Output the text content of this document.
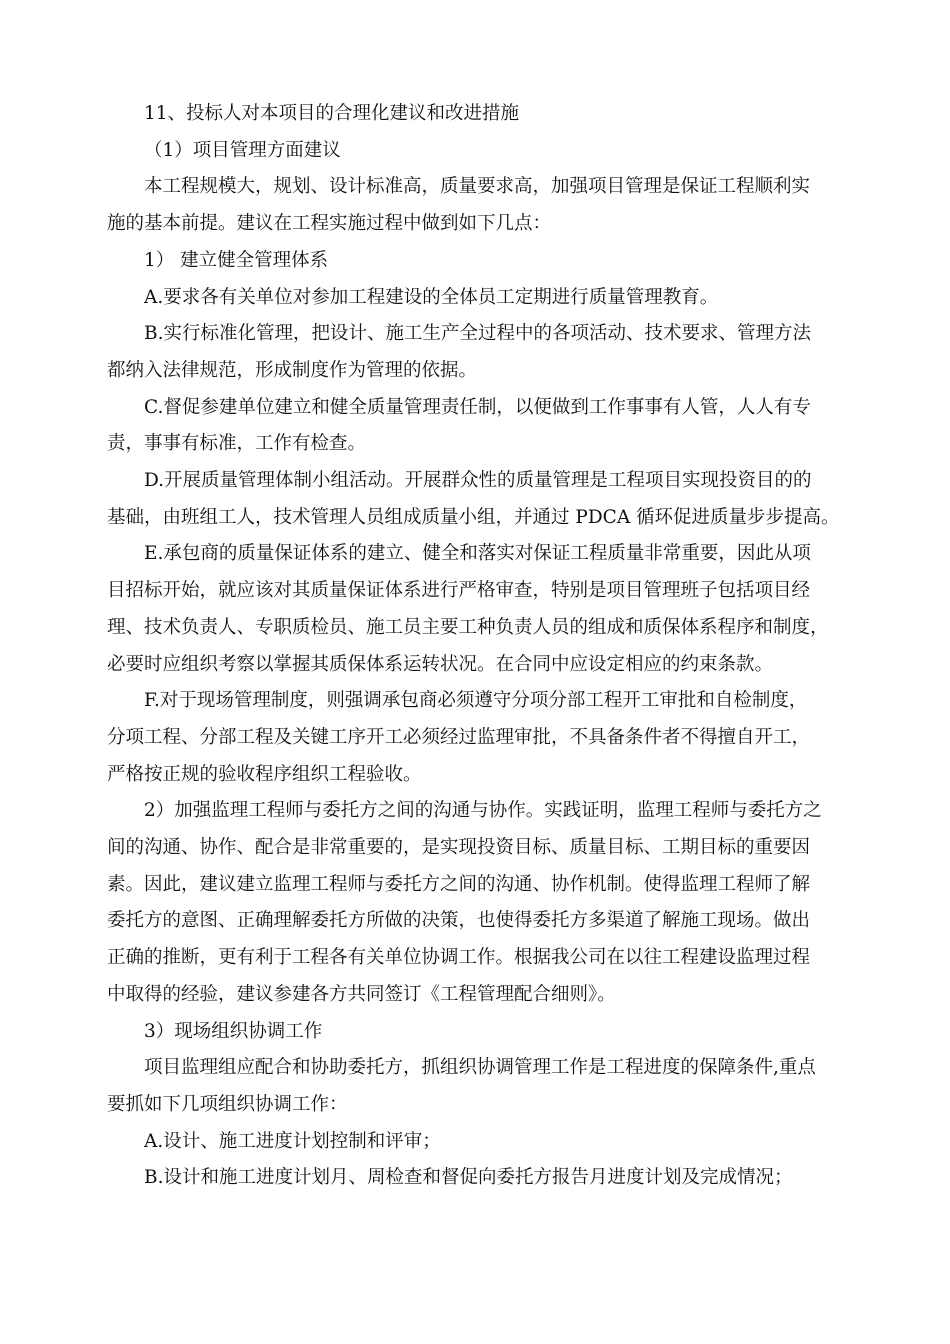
11、投标人对本项目的合理化建议和改进措施

（1）项目管理方面建议

本工程规模大，规划、设计标准高，质量要求高，加强项目管理是保证工程顺利实
施的基本前提。建议在工程实施过程中做到如下几点：

1） 建立健全管理体系

A.要求各有关单位对参加工程建设的全体员工定期进行质量管理教育。

B.实行标准化管理，把设计、施工生产全过程中的各项活动、技术要求、管理方法
都纳入法律规范，形成制度作为管理的依据。

C.督促参建单位建立和健全质量管理责任制，以便做到工作事事有人管，人人有专
责，事事有标准，工作有检查。

D.开展质量管理体制小组活动。开展群众性的质量管理是工程项目实现投资目的的
基础，由班组工人，技术管理人员组成质量小组，并通过 PDCA 循环促进质量步步提高。

E.承包商的质量保证体系的建立、健全和落实对保证工程质量非常重要，因此从项
目招标开始，就应该对其质量保证体系进行严格审查，特别是项目管理班子包括项目经
理、技术负责人、专职质检员、施工员主要工种负责人员的组成和质保体系程序和制度，
必要时应组织考察以掌握其质保体系运转状况。在合同中应设定相应的约束条款。

F.对于现场管理制度，则强调承包商必须遵守分项分部工程开工审批和自检制度，
分项工程、分部工程及关键工序开工必须经过监理审批，不具备条件者不得擅自开工，
严格按正规的验收程序组织工程验收。

2）加强监理工程师与委托方之间的沟通与协作。实践证明，监理工程师与委托方之
间的沟通、协作、配合是非常重要的，是实现投资目标、质量目标、工期目标的重要因
素。因此，建议建立监理工程师与委托方之间的沟通、协作机制。使得监理工程师了解
委托方的意图、正确理解委托方所做的决策，也使得委托方多渠道了解施工现场。做出
正确的推断，更有利于工程各有关单位协调工作。根据我公司在以往工程建设监理过程
中取得的经验，建议参建各方共同签订《工程管理配合细则》。

3）现场组织协调工作

项目监理组应配合和协助委托方，抓组织协调管理工作是工程进度的保障条件,重点
要抓如下几项组织协调工作：

A.设计、施工进度计划控制和评审；

B.设计和施工进度计划月、周检查和督促向委托方报告月进度计划及完成情况；
